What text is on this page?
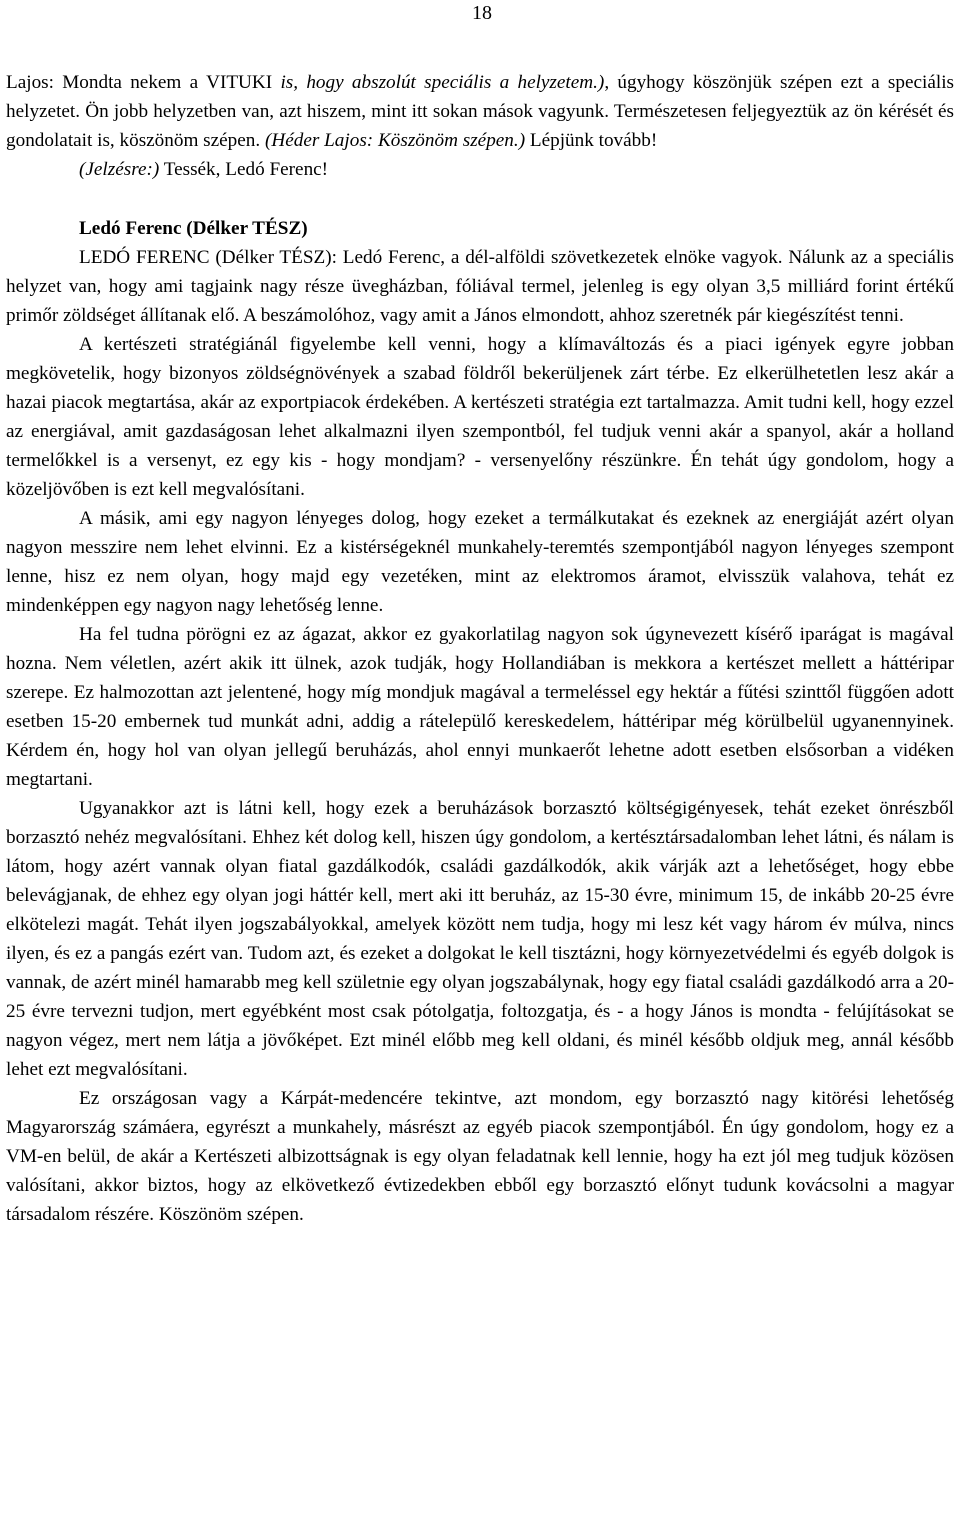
18

Lajos: Mondta nekem a VITUKI is, hogy abszolút speciális a helyzetem.), úgyhogy köszönjük szépen ezt a speciális helyzetet. Ön jobb helyzetben van, azt hiszem, mint itt sokan mások vagyunk. Természetesen feljegyeztük az ön kérését és gondolatait is, köszönöm szépen. (Héder Lajos: Köszönöm szépen.) Lépjünk tovább!

(Jelzésre:) Tessék, Ledó Ferenc!

Ledó Ferenc (Délker TÉSZ)

LEDÓ FERENC (Délker TÉSZ): Ledó Ferenc, a dél-alföldi szövetkezetek elnöke vagyok. Nálunk az a speciális helyzet van, hogy ami tagjaink nagy része üvegházban, fóliával termel, jelenleg is egy olyan 3,5 milliárd forint értékű primőr zöldséget állítanak elő. A beszámolóhoz, vagy amit a János elmondott, ahhoz szeretnék pár kiegészítést tenni.

A kertészeti stratégiánál figyelembe kell venni, hogy a klímaváltozás és a piaci igények egyre jobban megkövetelik, hogy bizonyos zöldségnövények a szabad földről bekerüljenek zárt térbe. Ez elkerülhetetlen lesz akár a hazai piacok megtartása, akár az exportpiacok érdekében. A kertészeti stratégia ezt tartalmazza. Amit tudni kell, hogy ezzel az energiával, amit gazdaságosan lehet alkalmazni ilyen szempontból, fel tudjuk venni akár a spanyol, akár a holland termelőkkel is a versenyt, ez egy kis - hogy mondjam? - versenyelőny részünkre. Én tehát úgy gondolom, hogy a közeljövőben is ezt kell megvalósítani.

A másik, ami egy nagyon lényeges dolog, hogy ezeket a termálkutakat és ezeknek az energiáját azért olyan nagyon messzire nem lehet elvinni. Ez a kistérségeknél munkahely-teremtés szempontjából nagyon lényeges szempont lenne, hisz ez nem olyan, hogy majd egy vezetéken, mint az elektromos áramot, elvisszük valahova, tehát ez mindenképpen egy nagyon nagy lehetőség lenne.

Ha fel tudna pörögni ez az ágazat, akkor ez gyakorlatilag nagyon sok úgynevezett kísérő iparágat is magával hozna. Nem véletlen, azért akik itt ülnek, azok tudják, hogy Hollandiában is mekkora a kertészet mellett a háttéripar szerepe. Ez halmozottan azt jelentené, hogy míg mondjuk magával a termeléssel egy hektár a fűtési szinttől függően adott esetben 15-20 embernek tud munkát adni, addig a rátelepülő kereskedelem, háttéripar még körülbelül ugyanennyinek. Kérdem én, hogy hol van olyan jellegű beruházás, ahol ennyi munkaerőt lehetne adott esetben elsősorban a vidéken megtartani.

Ugyanakkor azt is látni kell, hogy ezek a beruházások borzasztó költségigényesek, tehát ezeket önrészből borzasztó nehéz megvalósítani. Ehhez két dolog kell, hiszen úgy gondolom, a kertésztársadalomban lehet látni, és nálam is látom, hogy azért vannak olyan fiatal gazdálkodók, családi gazdálkodók, akik várják azt a lehetőséget, hogy ebbe belevágjanak, de ehhez egy olyan jogi háttér kell, mert aki itt beruház, az 15-30 évre, minimum 15, de inkább 20-25 évre elkötelezi magát. Tehát ilyen jogszabályokkal, amelyek között nem tudja, hogy mi lesz két vagy három év múlva, nincs ilyen, és ez a pangás ezért van. Tudom azt, és ezeket a dolgokat le kell tisztázni, hogy környezetvédelmi és egyéb dolgok is vannak, de azért minél hamarabb meg kell születnie egy olyan jogszabálynak, hogy egy fiatal családi gazdálkodó arra a 20-25 évre tervezni tudjon, mert egyébként most csak pótolgatja, foltozgatja, és - a hogy János is mondta - felújításokat se nagyon végez, mert nem látja a jövőképet. Ezt minél előbb meg kell oldani, és minél később oldjuk meg, annál később lehet ezt megvalósítani.

Ez országosan vagy a Kárpát-medencére tekintve, azt mondom, egy borzasztó nagy kitörési lehetőség Magyarország számáera, egyrészt a munkahely, másrészt az egyéb piacok szempontjából. Én úgy gondolom, hogy ez a VM-en belül, de akár a Kertészeti albizottságnak is egy olyan feladatnak kell lennie, hogy ha ezt jól meg tudjuk közösen valósítani, akkor biztos, hogy az elkövetkező évtizedekben ebből egy borzasztó előnyt tudunk kovácsolni a magyar társadalom részére. Köszönöm szépen.
